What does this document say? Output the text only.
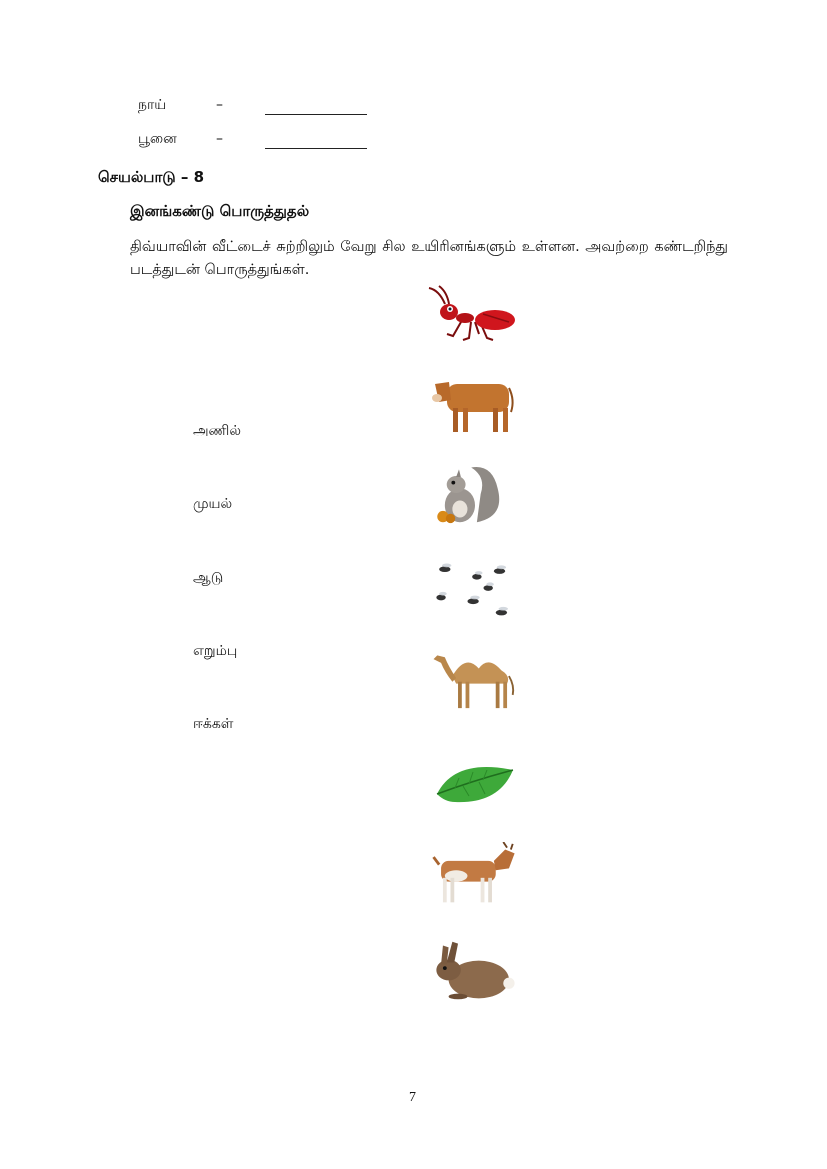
நாய்	–
பூனை	–
செயல்பாடு – 8
இனங்கண்டு பொருத்துதல்
திவ்யாவின் வீட்டைச் சுற்றிலும் வேறு சில உயிரினங்களும் உள்ளன. அவற்றை கண்டறிந்து படத்துடன் பொருத்துங்கள்.
அணில்
முயல்
ஆடு
எறும்பு
ஈக்கள்
7
